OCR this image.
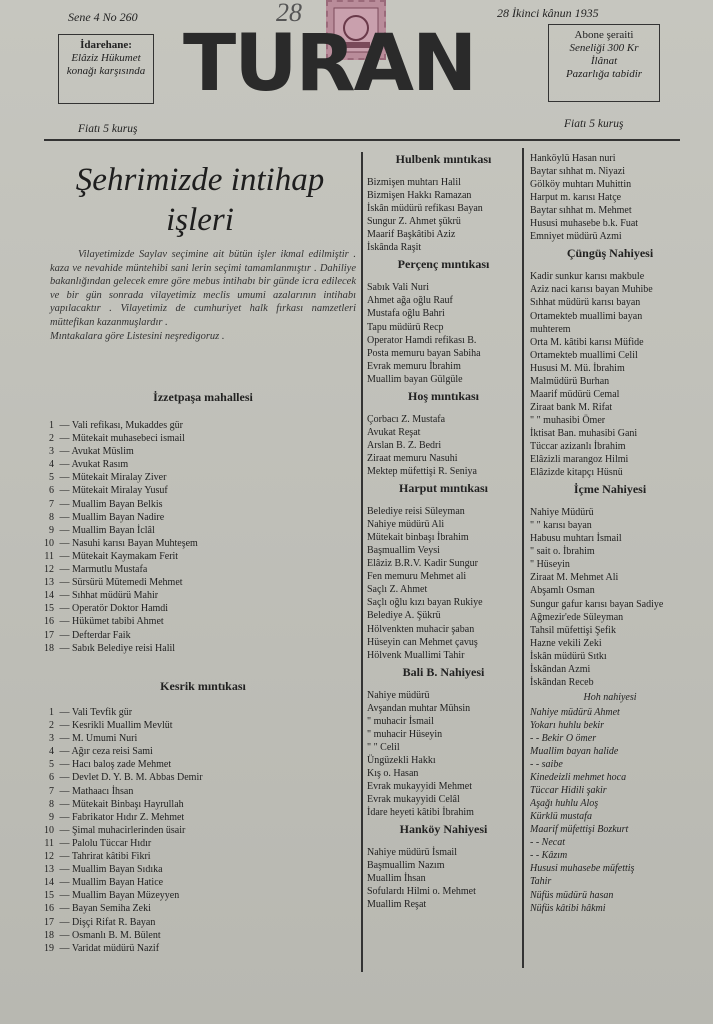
Sene 4 No 260	28	28 İkinci kânun 1935
İdarehane:
Elâziz Hükumet
konağı karşısında TURAN	Abone şeraiti
Seneliği 300 Kr
İlânat
Pazarlığa tabidir
Fiatı 5 kuruş	Fiatı 5 kuruş
Şehrimizde intihap
işleri
Vilayetimizde Saylav seçimine ait bütün işler ikmal edilmiştir . kaza ve nevahide müntehibi sani lerin seçimi tamamlanmıştır . Dahiliye bakanlığından gelecek emre göre mebus intihabı bir günde icra edilecek ve bir gün sonrada vilayetimiz meclis umumi azalarının intihabı yapılacaktır . Vilayetimiz de cumhuriyet halk fırkası namzetleri müttefikan kazanmuşlardır .
Mıntakalara göre Listesini neşredigoruz .
İzzetpaşa mahallesi
1 — Vali refikası, Mukaddes gür
2 — Mütekait muhasebeci ismail
3 — Avukat Müslim
4 — Avukat Rasım
5 — Mütekait Miralay Ziver
6 — Mütekait Miralay Yusuf
7 — Muallim Bayan Belkis
8 — Muallim Bayan Nadire
9 — Muallim Bayan İclâl
10 — Nasuhi karısı Bayan Muhteşem
11 — Mütekait Kaymakam Ferit
12 — Marmutlu Mustafa
13 — Sürsürü Mütemedi Mehmet
14 — Sıhhat müdürü Mahir
15 — Operatör Doktor Hamdi
16 — Hükümet tabibi Ahmet
17 — Defterdar Faik
18 — Sabık Belediye reisi Halil
Kesrik mıntıkası
1 — Vali Tevfik gür
2 — Kesrikli Muallim Mevlüt
3 — M. Umumi Nuri
4 — Ağır ceza reisi Sami
5 — Hacı baloş zade Mehmet
6 — Devlet D. Y. B. M. Abbas Demir
7 — Mathaacı İhsan
8 — Mütekait Binbaşı Hayrullah
9 — Fabrikator Hıdır Z. Mehmet
10 — Şimal muhacirlerinden üsair
11 — Palolu Tüccar Hıdır
12 — Tahrirat kâtibi Fikri
13 — Muallim Bayan Sıdıka
14 — Muallim Bayan Hatice
15 — Muallim Bayan Müzeyyen
16 — Bayan Semiha Zeki
17 — Dişçi Rifat R. Bayan
18 — Osmanlı B. M. Bülent
19 — Varidat müdürü Nazif
Hulbenk mıntıkası
Bizmişen muhtarı Halil
Bizmişen Hakkı Ramazan
İskân müdürü refikası Bayan
Sungur Z. Ahmet şükrü
Maarif Başkâtibi Aziz
İskânda Raşit
Perçenç mıntıkası
Sabık Vali Nuri
Ahmet ağa oğlu Rauf
Mustafa oğlu Bahri
Tapu müdürü Recp
Operator Hamdi refikası B.
Posta memuru bayan Sabiha
Evrak memuru İbrahim
Muallim bayan Gülgüle
Hoş mıntıkası
Çorbacı Z. Mustafa
Avukat Reşat
Arslan B. Z. Bedri
Ziraat memuru Nasuhi
Mektep müfettişi R. Seniya
Harput mıntıkası
Belediye reisi Süleyman
Nahiye müdürü Ali
Mütekait binbaşı İbrahim
Başmuallim Veysi
Elâziz B.R.V. Kadir Sungur
Fen memuru Mehmet ali
Saçlı Z. Ahmet
Saçlı oğlu kızı bayan Rukiye
Belediye A. Şükrü
Hölvenkten muhacir şaban
Hüseyin can Mehmet çavuş
Hölvenk Muallimi Tahir
Bali B. Nahiyesi
Nahiye müdürü
Avşandan muhtar Mühsin
" muhacir İsmail
" muhacir Hüseyin
" " Celil
Üngüzekli Hakkı
Kış o. Hasan
Evrak mukayyidi Mehmet
Evrak mukayyidi Celâl
İdare heyeti kâtibi İbrahim
Hanköy Nahiyesi
Nahiye müdürü İsmail
Başmuallim Nazım
Muallim İhsan
Sofulardı Hilmi o. Mehmet
Muallim Reşat
Hanköylü Hasan nuri
Baytar sıhhat m. Niyazi
Gölköy muhtarı Muhittin
Harput m. karısı Hatçe
Baytar sıhhat m. Mehmet
Hususi muhasebe b.k. Fuat
Emniyet müdürü Azmi
Çüngüş Nahiyesi
Kadir sunkur karısı makbule
Aziz naci karısı bayan Muhibe
Sıhhat müdürü karısı bayan
Ortamekteb muallimi bayan
muhterem
Orta M. kâtibi karısı Müfide
Ortamekteb muallimi Celil
Hususi M. Mü. İbrahim
Malmüdürü Burhan
Maarif müdürü Cemal
Ziraat bank M. Rifat
" " muhasibi Ömer
İktisat Ban. muhasibi Gani
Tüccar azizanlı İbrahim
Elâzizli marangoz Hilmi
Elâzizde kitapçı Hüsnü
İçme Nahiyesi
Nahiye Müdürü
" " karısı bayan
Habusu muhtarı İsmail
" sait o. İbrahim
" Hüseyin
Ziraat M. Mehmet Ali
Abşamlı Osman
Sungur gafur karısı bayan Sadiye
Ağmezir'ede Süleyman
Tahsil müfettişi Şefik
Hazne vekili Zeki
İskân müdürü Sıtkı
İskândan Azmi
İskândan Receb
Hoh nahiyesi
Nahiye müdürü Ahmet
Yokarı huhlu bekir
- - Bekir O ömer
Muallim bayan halide
- - saibe
Kinedeizli mehmet hoca
Tüccar Hidili şakir
Aşağı huhlu Aloş
Kürklü mustafa
Maarif müfettişi Bozkurt
- - Necat
- - Kâzım
Hususi muhasebe müfettiş
Tahir
Nüfüs müdürü hasan
Nüfüs kâtibi hâkmi
